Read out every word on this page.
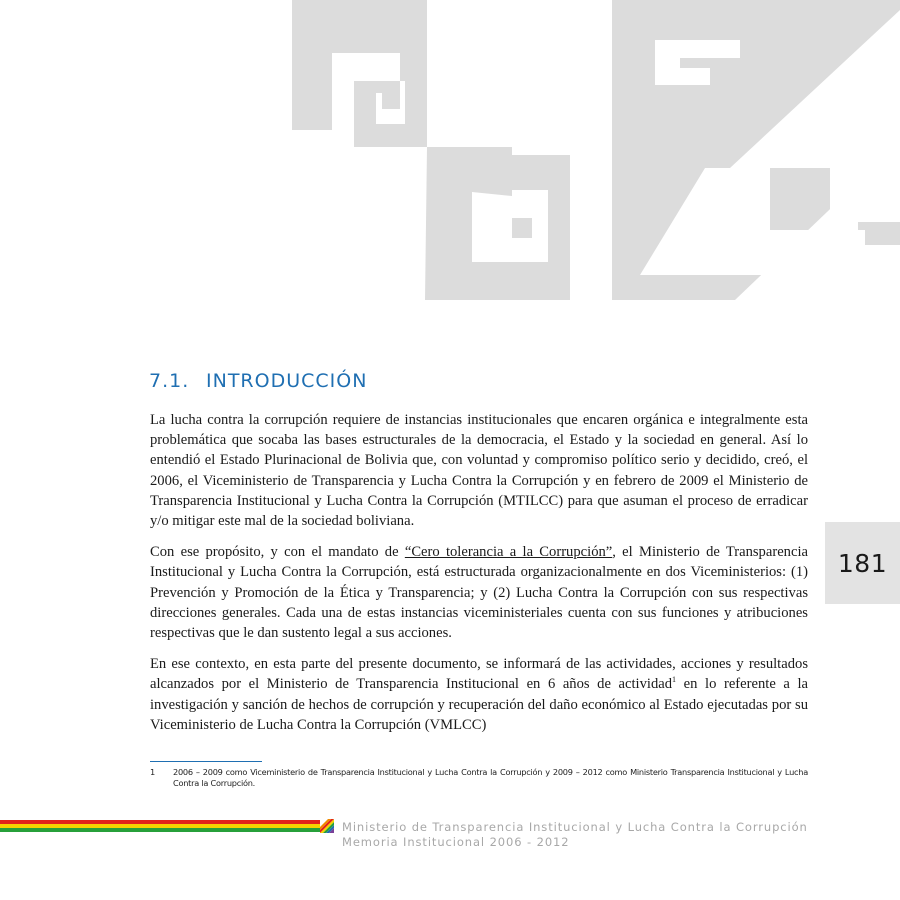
7.1. INTRODUCCIÓN

La lucha contra la corrupción requiere de instancias institucionales que encaren orgánica e integralmente esta problemática que socaba las bases estructurales de la democracia, el Estado y la sociedad en general. Así lo entendió el Estado Plurinacional de Bolivia que, con voluntad y compromiso político serio y decidido, creó, el 2006, el Viceministerio de Transparencia y Lucha Contra la Corrupción y en febrero de 2009 el Ministerio de Transparencia Institucional y Lucha Contra la Corrupción (MTILCC) para que asuman el proceso de erradicar y/o mitigar este mal de la sociedad boliviana.

Con ese propósito, y con el mandato de “Cero tolerancia a la Corrupción”, el Ministerio de Transparencia Institucional y Lucha Contra la Corrupción, está estructurada organizacionalmente en dos Viceministerios: (1) Prevención y Promoción de la Ética y Transparencia; y (2) Lucha Contra la Corrupción con sus respectivas direcciones generales. Cada una de estas instancias viceministeriales cuenta con sus funciones y atribuciones respectivas que le dan sustento legal a sus acciones.

En ese contexto, en esta parte del presente documento, se informará de las actividades, acciones y resultados alcanzados por el Ministerio de Transparencia Institucional en 6 años de actividad$^1$ en lo referente a la investigación y sanción de hechos de corrupción y recuperación del daño económico al Estado ejecutadas por su Viceministerio de Lucha Contra la Corrupción (VMLCC)

181
1 2006 – 2009 como Viceministerio de Transparencia Institucional y Lucha Contra la Corrupción y 2009 – 2012 como Ministerio Transparencia Institucional y Lucha Contra la Corrupción.
Ministerio de Transparencia Institucional y Lucha Contra la Corrupción
Memoria Institucional 2006 - 2012
